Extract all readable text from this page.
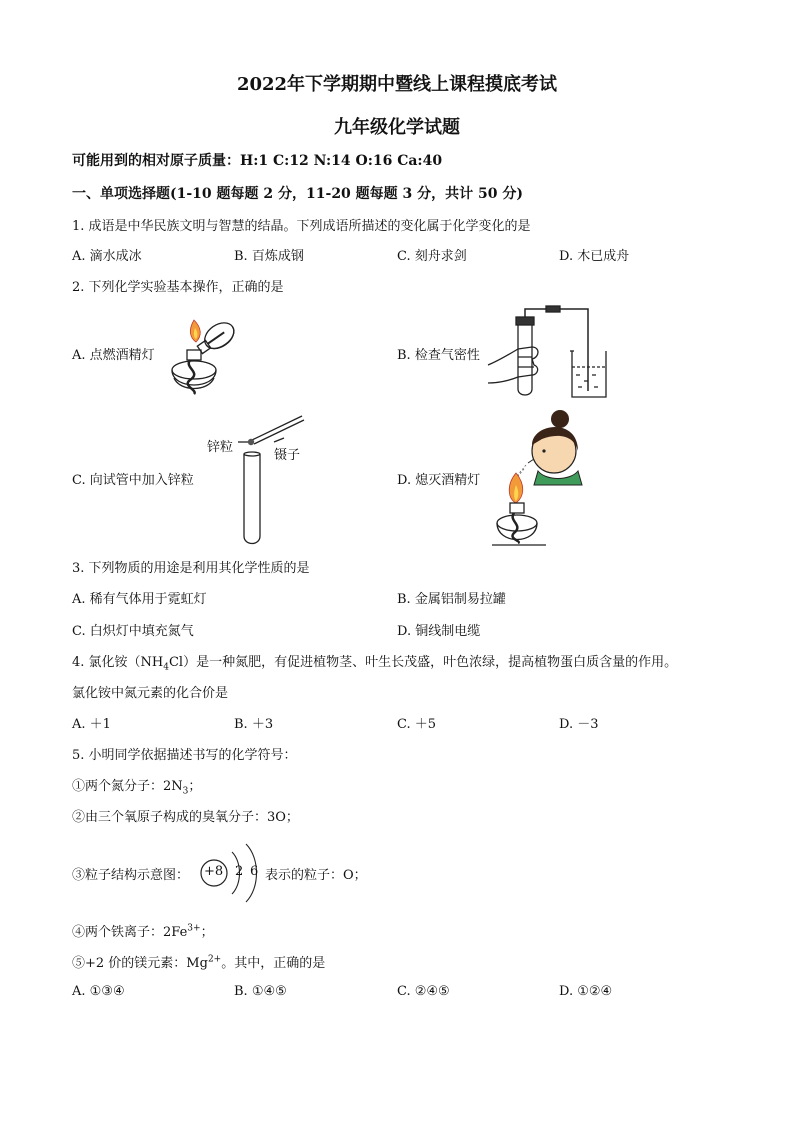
2022年下学期期中暨线上课程摸底考试
九年级化学试题
可能用到的相对原子质量：H:1 C:12 N:14 O:16 Ca:40
一、单项选择题(1-10 题每题 2 分，11-20 题每题 3 分，共计 50 分)
1. 成语是中华民族文明与智慧的结晶。下列成语所描述的变化属于化学变化的是
A. 滴水成冰	B. 百炼成钢	C. 刻舟求剑	D. 木已成舟
2. 下列化学实验基本操作，正确的是
A. 点燃酒精灯	B. 检查气密性
C. 向试管中加入锌粒	D. 熄灭酒精灯
锌粒
镊子
3. 下列物质的用途是利用其化学性质的是
A. 稀有气体用于霓虹灯	B. 金属铝制易拉罐
C. 白炽灯中填充氮气	D. 铜线制电缆
4. 氯化铵$(NH_4Cl)$是一种氮肥，有促进植物茎、叶生长茂盛，叶色浓绿，提高植物蛋白质含量的作用。
氯化铵中氮元素的化合价是
A. ＋1	B. ＋3	C. ＋5	D. －3
5. 小明同学依据描述书写的化学符号：
①两个氮分子：$2N_3$；
②由三个氧原子构成的臭氧分子：3O；
③粒子结构示意图： +8 2 6 表示的粒子：O；
④两个铁离子：$2Fe^{3+}$；
⑤+2 价的镁元素：$Mg^{2+}$。其中，正确的是
A. ①③④	B. ①④⑤	C. ②④⑤	D. ①②④
